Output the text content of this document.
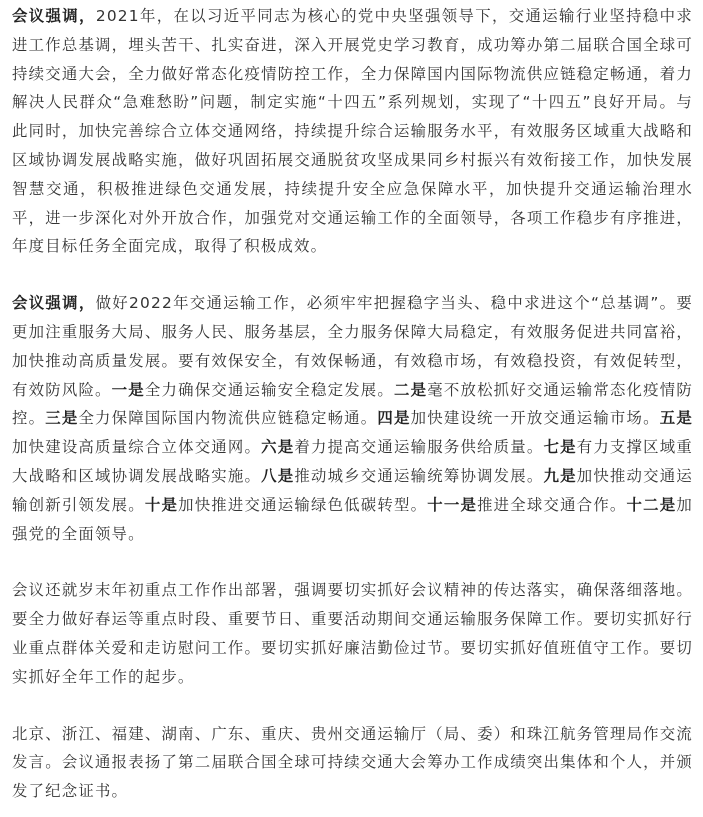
会议强调，2021年，在以习近平同志为核心的党中央坚强领导下，交通运输行业坚持稳中求进工作总基调，埋头苦干、扎实奋进，深入开展党史学习教育，成功筹办第二届联合国全球可持续交通大会，全力做好常态化疫情防控工作，全力保障国内国际物流供应链稳定畅通，着力解决人民群众“急难愁盼”问题，制定实施“十四五”系列规划，实现了“十四五”良好开局。与此同时，加快完善综合立体交通网络，持续提升综合运输服务水平，有效服务区域重大战略和区域协调发展战略实施，做好巩固拓展交通脱贫攻坚成果同乡村振兴有效衔接工作，加快发展智慧交通，积极推进绿色交通发展，持续提升安全应急保障水平，加快提升交通运输治理水平，进一步深化对外开放合作，加强党对交通运输工作的全面领导，各项工作稳步有序推进，年度目标任务全面完成，取得了积极成效。

会议强调，做好2022年交通运输工作，必须牢牢把握稳字当头、稳中求进这个“总基调”。要更加注重服务大局、服务人民、服务基层，全力服务保障大局稳定，有效服务促进共同富裕，加快推动高质量发展。要有效保安全，有效保畅通，有效稳市场，有效稳投资，有效促转型，有效防风险。一是全力确保交通运输安全稳定发展。二是毫不放松抓好交通运输常态化疫情防控。三是全力保障国际国内物流供应链稳定畅通。四是加快建设统一开放交通运输市场。五是加快建设高质量综合立体交通网。六是着力提高交通运输服务供给质量。七是有力支撑区域重大战略和区域协调发展战略实施。八是推动城乡交通运输统筹协调发展。九是加快推动交通运输创新引领发展。十是加快推进交通运输绿色低碳转型。十一是推进全球交通合作。十二是加强党的全面领导。

会议还就岁末年初重点工作作出部署，强调要切实抓好会议精神的传达落实，确保落细落地。要全力做好春运等重点时段、重要节日、重要活动期间交通运输服务保障工作。要切实抓好行业重点群体关爱和走访慰问工作。要切实抓好廉洁勤俭过节。要切实抓好值班值守工作。要切实抓好全年工作的起步。

北京、浙江、福建、湖南、广东、重庆、贵州交通运输厅（局、委）和珠江航务管理局作交流发言。会议通报表扬了第二届联合国全球可持续交通大会筹办工作成绩突出集体和个人，并颁发了纪念证书。
